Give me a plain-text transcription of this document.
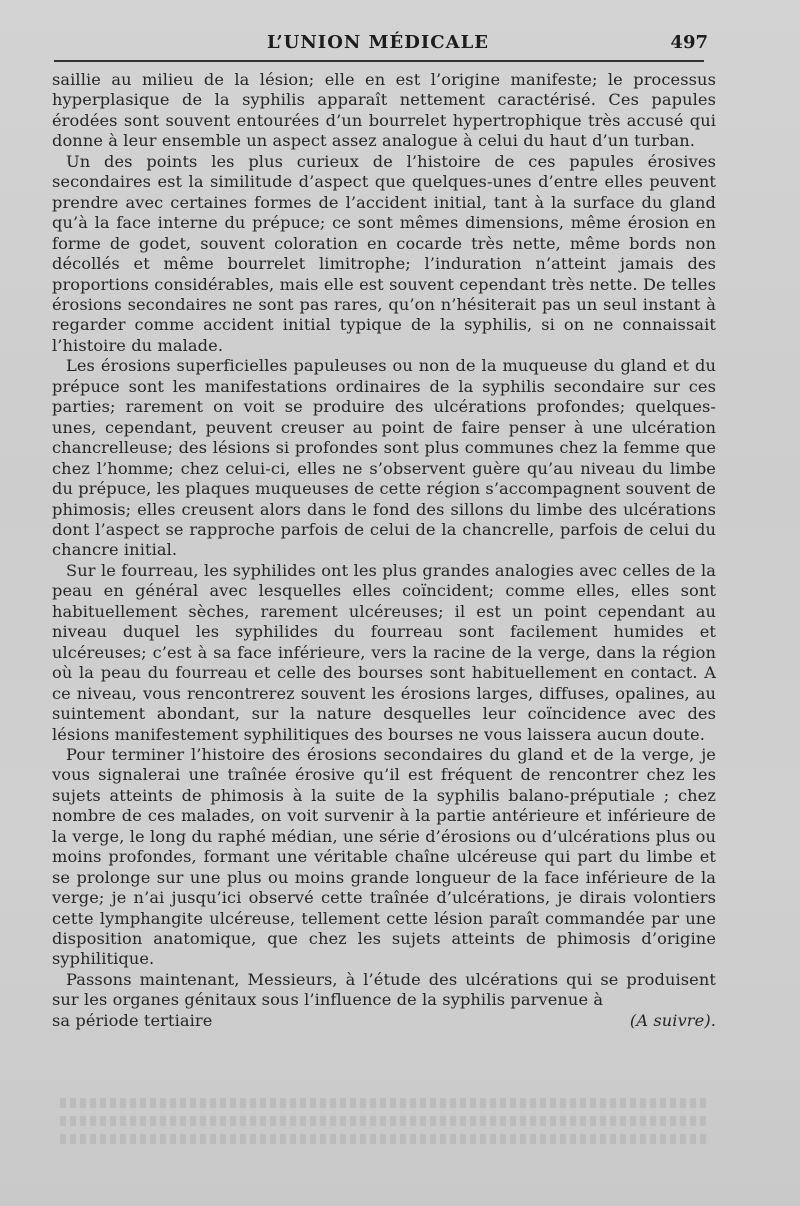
L’UNION MÉDICALE	497

saillie au milieu de la lésion; elle en est l’origine manifeste; le processus hyperplasique de la syphilis apparaît nettement caractérisé. Ces papules érodées sont souvent entourées d’un bourrelet hypertrophique très accusé qui donne à leur ensemble un aspect assez analogue à celui du haut d’un turban.

Un des points les plus curieux de l’histoire de ces papules érosives secondaires est la similitude d’aspect que quelques-unes d’entre elles peuvent prendre avec certaines formes de l’accident initial, tant à la surface du gland qu’à la face interne du prépuce; ce sont mêmes dimensions, même érosion en forme de godet, souvent coloration en cocarde très nette, même bords non décollés et même bourrelet limitrophe; l’induration n’atteint jamais des proportions considérables, mais elle est souvent cependant très nette. De telles érosions secondaires ne sont pas rares, qu’on n’hésiterait pas un seul instant à regarder comme accident initial typique de la syphilis, si on ne connaissait l’histoire du malade.

Les érosions superficielles papuleuses ou non de la muqueuse du gland et du prépuce sont les manifestations ordinaires de la syphilis secondaire sur ces parties; rarement on voit se produire des ulcérations profondes; quelques-unes, cependant, peuvent creuser au point de faire penser à une ulcération chancrelleuse; des lésions si profondes sont plus communes chez la femme que chez l’homme; chez celui-ci, elles ne s’observent guère qu’au niveau du limbe du prépuce, les plaques muqueuses de cette région s’accompagnent souvent de phimosis; elles creusent alors dans le fond des sillons du limbe des ulcérations dont l’aspect se rapproche parfois de celui de la chancrelle, parfois de celui du chancre initial.

Sur le fourreau, les syphilides ont les plus grandes analogies avec celles de la peau en général avec lesquelles elles coïncident; comme elles, elles sont habituellement sèches, rarement ulcéreuses; il est un point cependant au niveau duquel les syphilides du fourreau sont facilement humides et ulcéreuses; c’est à sa face inférieure, vers la racine de la verge, dans la région où la peau du fourreau et celle des bourses sont habituellement en contact. A ce niveau, vous rencontrerez souvent les érosions larges, diffuses, opalines, au suintement abondant, sur la nature desquelles leur coïncidence avec des lésions manifestement syphilitiques des bourses ne vous laissera aucun doute.

Pour terminer l’histoire des érosions secondaires du gland et de la verge, je vous signalerai une traînée érosive qu’il est fréquent de rencontrer chez les sujets atteints de phimosis à la suite de la syphilis balano-préputiale ; chez nombre de ces malades, on voit survenir à la partie antérieure et inférieure de la verge, le long du raphé médian, une série d’érosions ou d’ulcérations plus ou moins profondes, formant une véritable chaîne ulcéreuse qui part du limbe et se prolonge sur une plus ou moins grande longueur de la face inférieure de la verge; je n’ai jusqu’ici observé cette traînée d’ulcérations, je dirais volontiers cette lymphangite ulcéreuse, tellement cette lésion paraît commandée par une disposition anatomique, que chez les sujets atteints de phimosis d’origine syphilitique.

Passons maintenant, Messieurs, à l’étude des ulcérations qui se produisent sur les organes génitaux sous l’influence de la syphilis parvenue à

sa période tertiaire	(A suivre).
